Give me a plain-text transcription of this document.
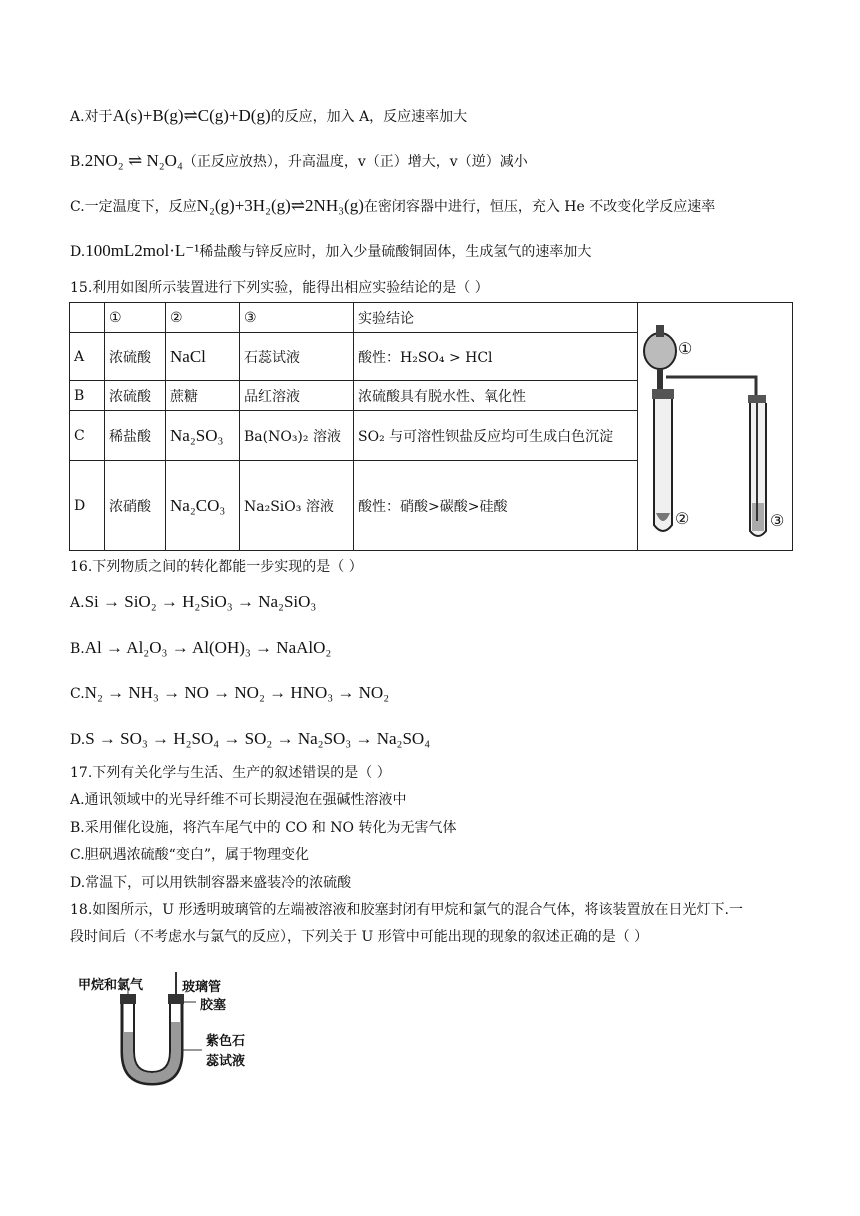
A.对于A(s)+B(g)⇌C(g)+D(g)的反应，加入 A，反应速率加大
B.2NO₂ ⇌ N₂O₄（正反应放热），升高温度，v（正）增大，v（逆）减小
C.一定温度下，反应N₂(g)+3H₂(g)⇌2NH₃(g)在密闭容器中进行，恒压，充入 He 不改变化学反应速率
D.100mL2mol·L⁻¹稀盐酸与锌反应时，加入少量硫酸铜固体，生成氢气的速率加大
15.利用如图所示装置进行下列实验，能得出相应实验结论的是（ ）
	①	②	③	实验结论
A	浓硫酸	NaCl	石蕊试液	酸性：H₂SO₄ > HCl
B	浓硫酸	蔗糖	品红溶液	浓硫酸具有脱水性、氧化性
C	稀盐酸	Na₂SO₃	Ba(NO₃)₂ 溶液	SO₂ 与可溶性钡盐反应均可生成白色沉淀
D	浓硝酸	Na₂CO₃	Na₂SiO₃ 溶液	酸性：硝酸>碳酸>硅酸
①
②	③
16.下列物质之间的转化都能一步实现的是（ ）
A.Si → SiO₂ → H₂SiO₃ → Na₂SiO₃
B.Al → Al₂O₃ → Al(OH)₃ → NaAlO₂
C.N₂ → NH₃ → NO → NO₂ → HNO₃ → NO₂
D.S → SO₃ → H₂SO₄ → SO₂ → Na₂SO₃ → Na₂SO₄
17.下列有关化学与生活、生产的叙述错误的是（ ）
A.通讯领域中的光导纤维不可长期浸泡在强碱性溶液中
B.采用催化设施，将汽车尾气中的 CO 和 NO 转化为无害气体
C.胆矾遇浓硫酸“变白”，属于物理变化
D.常温下，可以用铁制容器来盛装冷的浓硫酸
18.如图所示，U 形透明玻璃管的左端被溶液和胶塞封闭有甲烷和氯气的混合气体，将该装置放在日光灯下.一
段时间后（不考虑水与氯气的反应），下列关于 U 形管中可能出现的现象的叙述正确的是（ ）
甲烷和氯气	玻璃管
胶塞
紫色石
蕊试液
